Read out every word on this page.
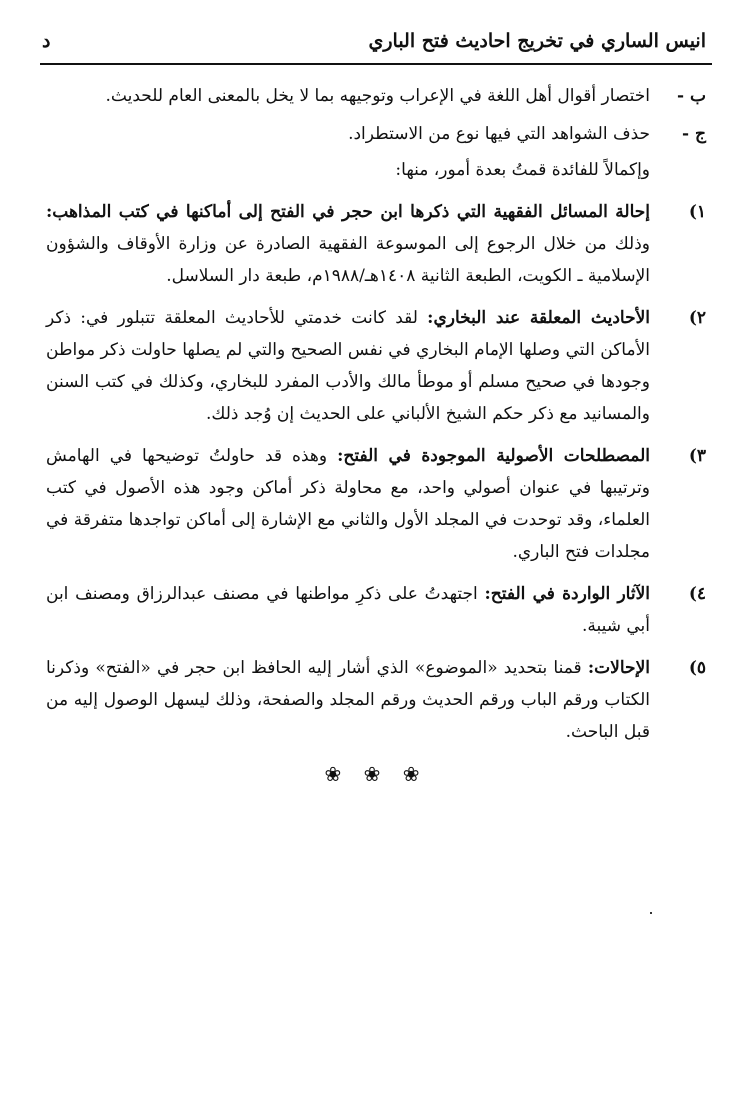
انيس الساري في تخريج احاديث فتح الباري
د
ب -
اختصار أقوال أهل اللغة في الإعراب وتوجيهه بما لا يخل بالمعنى العام للحديث.
ج -
حذف الشواهد التي فيها نوع من الاستطراد.
وإكمالاً للفائدة قمتُ بعدة أمور، منها:
١)
إحالة المسائل الفقهية التي ذكرها ابن حجر في الفتح إلى أماكنها في كتب المذاهب: وذلك من خلال الرجوع إلى الموسوعة الفقهية الصادرة عن وزارة الأوقاف والشؤون الإسلامية ـ الكويت، الطبعة الثانية ١٤٠٨هـ/١٩٨٨م، طبعة دار السلاسل.
٢)
الأحاديث المعلقة عند البخاري: لقد كانت خدمتي للأحاديث المعلقة تتبلور في: ذكر الأماكن التي وصلها الإمام البخاري في نفس الصحيح والتي لم يصلها حاولت ذكر مواطن وجودها في صحيح مسلم أو موطأ مالك والأدب المفرد للبخاري، وكذلك في كتب السنن والمسانيد مع ذكر حكم الشيخ الألباني على الحديث إن وُجد ذلك.
٣)
المصطلحات الأصولية الموجودة في الفتح: وهذه قد حاولتُ توضيحها في الهامش وترتيبها في عنوان أصولي واحد، مع محاولة ذكر أماكن وجود هذه الأصول في كتب العلماء، وقد توحدت في المجلد الأول والثاني مع الإشارة إلى أماكن تواجدها متفرقة في مجلدات فتح الباري.
٤)
الآثار الواردة في الفتح: اجتهدتُ على ذكرِ مواطنها في مصنف عبدالرزاق ومصنف ابن أبي شيبة.
٥)
الإحالات: قمنا بتحديد «الموضوع» الذي أشار إليه الحافظ ابن حجر في «الفتح» وذكرنا الكتاب ورقم الباب ورقم الحديث ورقم المجلد والصفحة، وذلك ليسهل الوصول إليه من قبل الباحث.
❀ ❀ ❀
